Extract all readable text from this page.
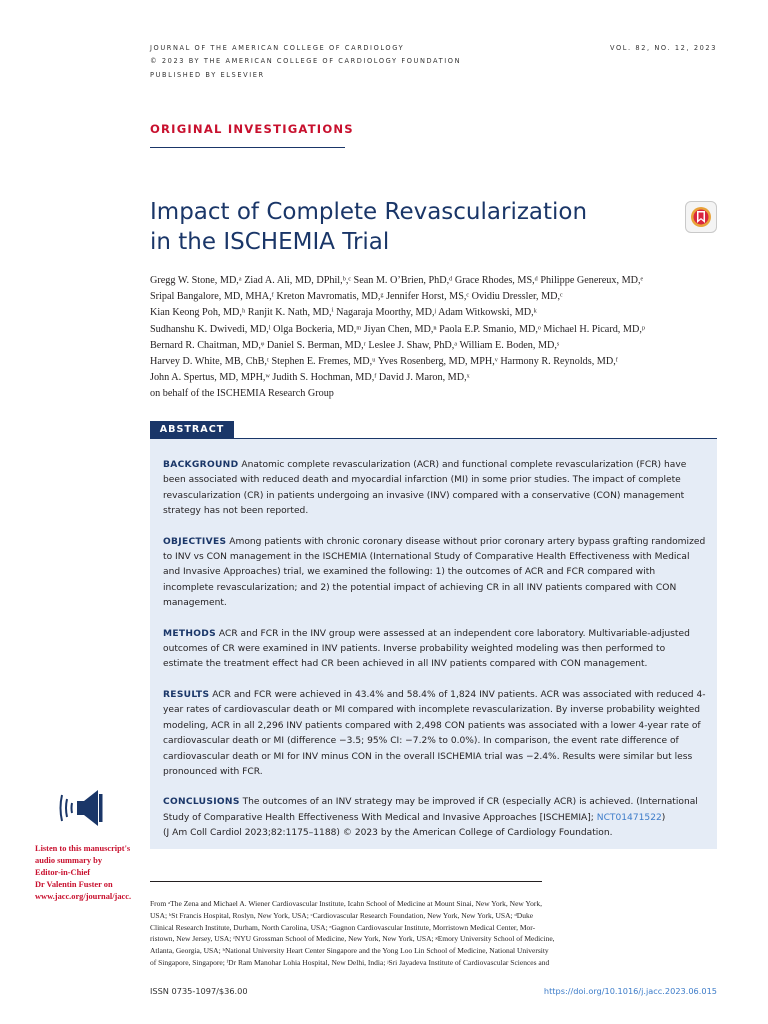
JOURNAL OF THE AMERICAN COLLEGE OF CARDIOLOGY
© 2023 BY THE AMERICAN COLLEGE OF CARDIOLOGY FOUNDATION
PUBLISHED BY ELSEVIER
VOL. 82, NO. 12, 2023
ORIGINAL INVESTIGATIONS
Impact of Complete Revascularization
in the ISCHEMIA Trial

Gregg W. Stone, MD,ᵃ Ziad A. Ali, MD, DPhil,ᵇ,ᶜ Sean M. O’Brien, PhD,ᵈ Grace Rhodes, MS,ᵈ Philippe Genereux, MD,ᵉ

Sripal Bangalore, MD, MHA,ᶠ Kreton Mavromatis, MD,ᵍ Jennifer Horst, MS,ᶜ Ovidiu Dressler, MD,ᶜ

Kian Keong Poh, MD,ʰ Ranjit K. Nath, MD,ⁱ Nagaraja Moorthy, MD,ʲ Adam Witkowski, MD,ᵏ

Sudhanshu K. Dwivedi, MD,ˡ Olga Bockeria, MD,ᵐ Jiyan Chen, MD,ⁿ Paola E.P. Smanio, MD,ᵒ Michael H. Picard, MD,ᵖ

Bernard R. Chaitman, MD,ᵠ Daniel S. Berman, MD,ʳ Leslee J. Shaw, PhD,ᵃ William E. Boden, MD,ˢ

Harvey D. White, MB, ChB,ᵗ Stephen E. Fremes, MD,ᵘ Yves Rosenberg, MD, MPH,ᵛ Harmony R. Reynolds, MD,ᶠ

John A. Spertus, MD, MPH,ʷ Judith S. Hochman, MD,ᶠ David J. Maron, MD,ˣ

on behalf of the ISCHEMIA Research Group

ABSTRACT

BACKGROUND Anatomic complete revascularization (ACR) and functional complete revascularization (FCR) have been associated with reduced death and myocardial infarction (MI) in some prior studies. The impact of complete revascularization (CR) in patients undergoing an invasive (INV) compared with a conservative (CON) management strategy has not been reported.

OBJECTIVES Among patients with chronic coronary disease without prior coronary artery bypass grafting randomized to INV vs CON management in the ISCHEMIA (International Study of Comparative Health Effectiveness with Medical and Invasive Approaches) trial, we examined the following: 1) the outcomes of ACR and FCR compared with incomplete revascularization; and 2) the potential impact of achieving CR in all INV patients compared with CON management.

METHODS ACR and FCR in the INV group were assessed at an independent core laboratory. Multivariable-adjusted outcomes of CR were examined in INV patients. Inverse probability weighted modeling was then performed to estimate the treatment effect had CR been achieved in all INV patients compared with CON management.

RESULTS ACR and FCR were achieved in 43.4% and 58.4% of 1,824 INV patients. ACR was associated with reduced 4-year rates of cardiovascular death or MI compared with incomplete revascularization. By inverse probability weighted modeling, ACR in all 2,296 INV patients compared with 2,498 CON patients was associated with a lower 4-year rate of cardiovascular death or MI (difference −3.5; 95% CI: −7.2% to 0.0%). In comparison, the event rate difference of cardiovascular death or MI for INV minus CON in the overall ISCHEMIA trial was −2.4%. Results were similar but less pronounced with FCR.

CONCLUSIONS The outcomes of an INV strategy may be improved if CR (especially ACR) is achieved. (International Study of Comparative Health Effectiveness With Medical and Invasive Approaches [ISCHEMIA]; NCT01471522)
(J Am Coll Cardiol 2023;82:1175–1188) © 2023 by the American College of Cardiology Foundation.

Listen to this manuscript's
audio summary by
Editor-in-Chief
Dr Valentin Fuster on
www.jacc.org/journal/jacc.

From ᵃThe Zena and Michael A. Wiener Cardiovascular Institute, Icahn School of Medicine at Mount Sinai, New York, New York,

USA; ᵇSt Francis Hospital, Roslyn, New York, USA; ᶜCardiovascular Research Foundation, New York, New York, USA; ᵈDuke

Clinical Research Institute, Durham, North Carolina, USA; ᵉGagnon Cardiovascular Institute, Morristown Medical Center, Mor-

ristown, New Jersey, USA; ᶠNYU Grossman School of Medicine, New York, New York, USA; ᵍEmory University School of Medicine,

Atlanta, Georgia, USA; ʰNational University Heart Center Singapore and the Yong Loo Lin School of Medicine, National University

of Singapore, Singapore; ⁱDr Ram Manohar Lohia Hospital, New Delhi, India; ʲSri Jayadeva Institute of Cardiovascular Sciences and

ISSN 0735-1097/$36.00	https://doi.org/10.1016/j.jacc.2023.06.015
